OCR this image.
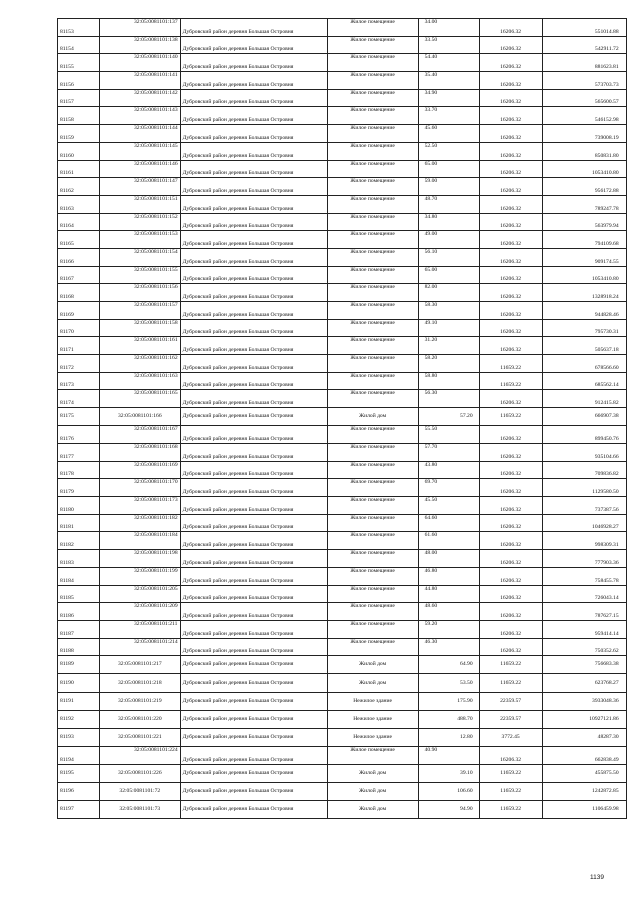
81153	32:05:0081101:137	Дубровский район деревня Большая Островня	Жилое помещение	34.00	16206.32	551014.88
81154	32:05:0081101:138	Дубровский район деревня Большая Островня	Жилое помещение	33.50	16206.32	542911.72
81155	32:05:0081101:140	Дубровский район деревня Большая Островня	Жилое помещение	54.40	16206.32	881623.81
81156	32:05:0081101:141	Дубровский район деревня Большая Островня	Жилое помещение	35.40	16206.32	573703.73
81157	32:05:0081101:142	Дубровский район деревня Большая Островня	Жилое помещение	34.90	16206.32	565600.57
81158	32:05:0081101:143	Дубровский район деревня Большая Островня	Жилое помещение	33.70	16206.32	546152.98
81159	32:05:0081101:144	Дубровский район деревня Большая Островня	Жилое помещение	45.60	16206.32	739008.19
81160	32:05:0081101:145	Дубровский район деревня Большая Островня	Жилое помещение	52.50	16206.32	850831.80
81161	32:05:0081101:146	Дубровский район деревня Большая Островня	Жилое помещение	65.00	16206.32	1053410.80
81162	32:05:0081101:147	Дубровский район деревня Большая Островня	Жилое помещение	59.00	16206.32	956172.88
81163	32:05:0081101:151	Дубровский район деревня Большая Островня	Жилое помещение	48.70	16206.32	789247.78
81164	32:05:0081101:152	Дубровский район деревня Большая Островня	Жилое помещение	34.80	16206.32	563979.94
81165	32:05:0081101:153	Дубровский район деревня Большая Островня	Жилое помещение	49.00	16206.32	794109.68
81166	32:05:0081101:154	Дубровский район деревня Большая Островня	Жилое помещение	56.10	16206.32	909174.55
81167	32:05:0081101:155	Дубровский район деревня Большая Островня	Жилое помещение	65.00	16206.32	1053410.80
81168	32:05:0081101:156	Дубровский район деревня Большая Островня	Жилое помещение	82.00	16206.32	1328918.24
81169	32:05:0081101:157	Дубровский район деревня Большая Островня	Жилое помещение	58.30	16206.32	944828.46
81170	32:05:0081101:158	Дубровский район деревня Большая Островня	Жилое помещение	49.10	16206.32	795730.31
81171	32:05:0081101:161	Дубровский район деревня Большая Островня	Жилое помещение	31.20	16206.32	505637.18
81172	32:05:0081101:162	Дубровский район деревня Большая Островня	Жилое помещение	58.20	11659.22	678566.60
81173	32:05:0081101:163	Дубровский район деревня Большая Островня	Жилое помещение	58.80	11659.22	685562.14
81174	32:05:0081101:165	Дубровский район деревня Большая Островня	Жилое помещение	56.30	16206.32	912415.82
81175	32:05:0081101:166	Дубровский район деревня Большая Островня	Жилой дом	57.20	11659.22	666907.38
81176	32:05:0081101:167	Дубровский район деревня Большая Островня	Жилое помещение	55.50	16206.32	899450.76
81177	32:05:0081101:168	Дубровский район деревня Большая Островня	Жилое помещение	57.70	16206.32	935104.66
81178	32:05:0081101:169	Дубровский район деревня Большая Островня	Жилое помещение	43.80	16206.32	709836.82
81179	32:05:0081101:170	Дубровский район деревня Большая Островня	Жилое помещение	69.70	16206.32	1129580.50
81180	32:05:0081101:173	Дубровский район деревня Большая Островня	Жилое помещение	45.50	16206.32	737387.56
81181	32:05:0081101:182	Дубровский район деревня Большая Островня	Жилое помещение	64.60	16206.32	1046928.27
81182	32:05:0081101:184	Дубровский район деревня Большая Островня	Жилое помещение	61.60	16206.32	998309.31
81183	32:05:0081101:198	Дубровский район деревня Большая Островня	Жилое помещение	48.00	16206.32	777903.36
81184	32:05:0081101:199	Дубровский район деревня Большая Островня	Жилое помещение	46.80	16206.32	758455.78
81185	32:05:0081101:205	Дубровский район деревня Большая Островня	Жилое помещение	44.80	16206.32	726043.14
81186	32:05:0081101:209	Дубровский район деревня Большая Островня	Жилое помещение	48.60	16206.32	787627.15
81187	32:05:0081101:211	Дубровский район деревня Большая Островня	Жилое помещение	59.20	16206.32	959414.14
81188	32:05:0081101:214	Дубровский район деревня Большая Островня	Жилое помещение	46.30	16206.32	750352.62
81189	32:05:0081101:217	Дубровский район деревня Большая Островня	Жилой дом	64.90	11659.22	756683.38
81190	32:05:0081101:218	Дубровский район деревня Большая Островня	Жилой дом	53.50	11659.22	623768.27
81191	32:05:0081101:219	Дубровский район деревня Большая Островня	Нежилое здание	175.90	22359.57	3933048.36
81192	32:05:0081101:220	Дубровский район деревня Большая Островня	Нежилое здание	488.70	22359.57	10927121.86
81193	32:05:0081101:221	Дубровский район деревня Большая Островня	Нежилое здание	12.80	3772.45	48287.30
81194	32:05:0081101:224	Дубровский район деревня Большая Островня	Жилое помещение	40.90	16206.32	662838.49
81195	32:05:0081101:226	Дубровский район деревня Большая Островня	Жилой дом	39.10	11659.22	455875.50
81196	32:05:0081101:72	Дубровский район деревня Большая Островня	Жилой дом	106.60	11659.22	1242872.85
81197	32:05:0081101:73	Дубровский район деревня Большая Островня	Жилой дом	94.90	11659.22	1106459.98
1139
